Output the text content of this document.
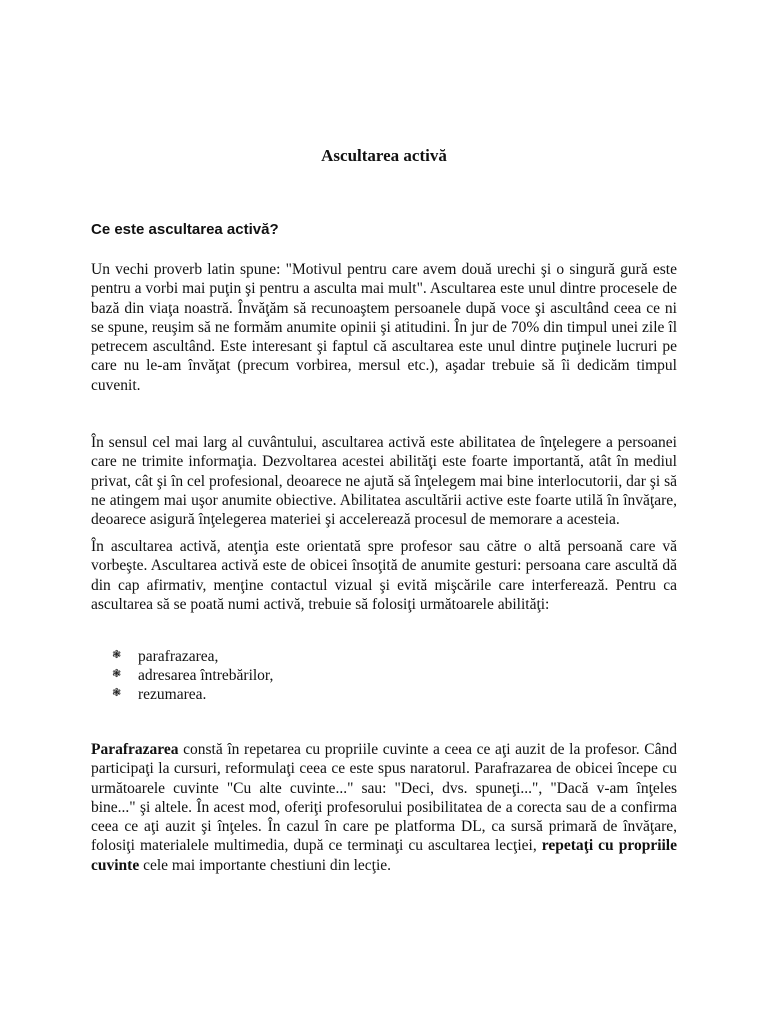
Ascultarea activă
Ce este ascultarea activă?

Un vechi proverb latin spune: "Motivul pentru care avem două urechi şi o singură gură este pentru a vorbi mai puţin şi pentru a asculta mai mult". Ascultarea este unul dintre procesele de bază din viaţa noastră. Învăţăm să recunoaştem persoanele după voce şi ascultând ceea ce ni se spune, reuşim să ne formăm anumite opinii şi atitudini. În jur de 70% din timpul unei zile îl petrecem ascultând. Este interesant şi faptul că ascultarea este unul dintre puţinele lucruri pe care nu le-am învăţat (precum vorbirea, mersul etc.), aşadar trebuie să îi dedicăm timpul cuvenit.

În sensul cel mai larg al cuvântului, ascultarea activă este abilitatea de înţelegere a persoanei care ne trimite informaţia. Dezvoltarea acestei abilităţi este foarte importantă, atât în mediul privat, cât şi în cel profesional, deoarece ne ajută să înţelegem mai bine interlocutorii, dar şi să ne atingem mai uşor anumite obiective. Abilitatea ascultării active este foarte utilă în învăţare, deoarece asigură înţelegerea materiei şi accelerează procesul de memorare a acesteia.

În ascultarea activă, atenţia este orientată spre profesor sau către o altă persoană care vă vorbeşte. Ascultarea activă este de obicei însoţită de anumite gesturi: persoana care ascultă dă din cap afirmativ, menţine contactul vizual şi evită mişcările care interferează. Pentru ca ascultarea să se poată numi activă, trebuie să folosiţi următoarele abilităţi:

❃ parafrazarea,
❃ adresarea întrebărilor,
❃ rezumarea.

Parafrazarea constă în repetarea cu propriile cuvinte a ceea ce aţi auzit de la profesor. Când participaţi la cursuri, reformulaţi ceea ce este spus naratorul. Parafrazarea de obicei începe cu următoarele cuvinte "Cu alte cuvinte..." sau: "Deci, dvs. spuneţi...", "Dacă v-am înţeles bine..." şi altele. În acest mod, oferiţi profesorului posibilitatea de a corecta sau de a confirma ceea ce aţi auzit şi înţeles. În cazul în care pe platforma DL, ca sursă primară de învăţare, folosiţi materialele multimedia, după ce terminaţi cu ascultarea lecţiei, repetaţi cu propriile cuvinte cele mai importante chestiuni din lecţie.
